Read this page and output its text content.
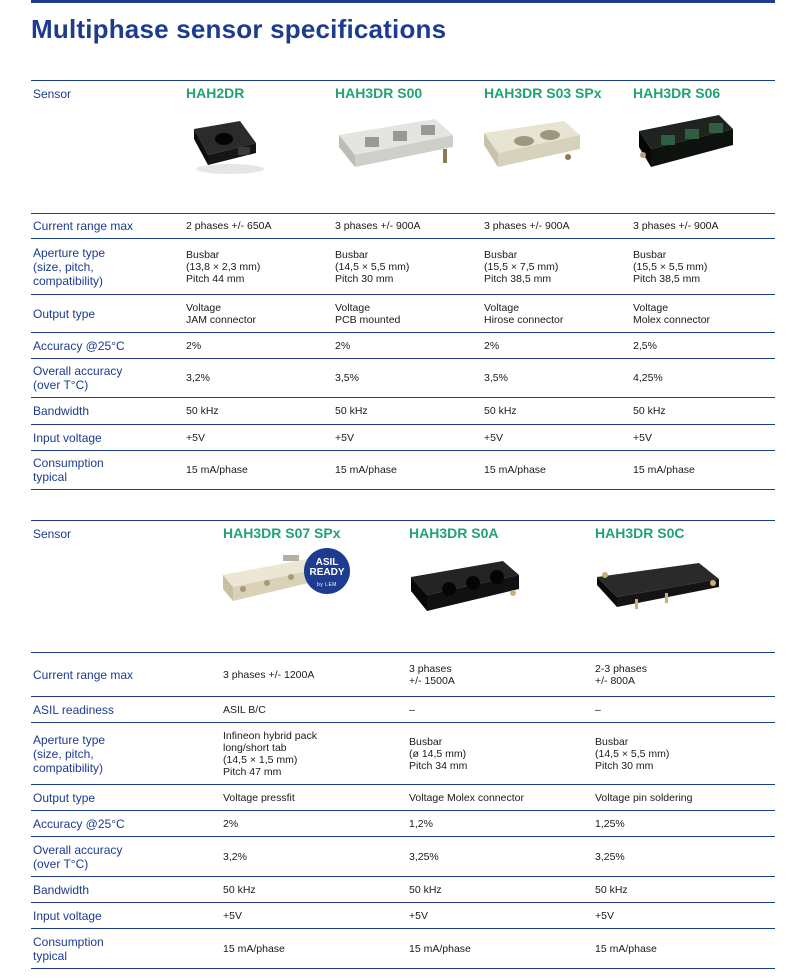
Multiphase sensor specifications
Sensor	HAH2DR	HAH3DR S00	HAH3DR S03 SPx	HAH3DR S06

Current range max	2 phases +/- 650A	3 phases +/- 900A	3 phases +/- 900A	3 phases +/- 900A

Aperture type
(size, pitch,
compatibility)	Busbar
(13,8 × 2,3 mm)
Pitch 44 mm	Busbar
(14,5 × 5,5 mm)
Pitch 30 mm	Busbar
(15,5 × 7,5 mm)
Pitch 38,5 mm	Busbar
(15,5 × 5,5 mm)
Pitch 38,5 mm

Output type	Voltage
JAM connector	Voltage
PCB mounted	Voltage
Hirose connector	Voltage
Molex connector

Accuracy @25°C	2%	2%	2%	2,5%

Overall accuracy
(over T°C)	3,2%	3,5%	3,5%	4,25%

Bandwidth	50 kHz	50 kHz	50 kHz	50 kHz

Input voltage	+5V	+5V	+5V	+5V

Consumption
typical	15 mA/phase	15 mA/phase	15 mA/phase	15 mA/phase
Sensor	HAH3DR S07 SPx	HAH3DR S0A	HAH3DR S0C

Current range max	3 phases +/- 1200A	3 phases
+/- 1500A	2-3 phases
+/- 800A

ASIL readiness	ASIL B/C	–	–

Aperture type
(size, pitch,
compatibility)	Infineon hybrid pack
long/short tab
(14,5 × 1,5 mm)
Pitch 47 mm	Busbar
(ø 14,5 mm)
Pitch 34 mm	Busbar
(14,5 × 5,5 mm)
Pitch 30 mm

Output type	Voltage pressfit	Voltage Molex connector	Voltage pin soldering

Accuracy @25°C	2%	1,2%	1,25%

Overall accuracy
(over T°C)	3,2%	3,25%	3,25%

Bandwidth	50 kHz	50 kHz	50 kHz

Input voltage	+5V	+5V	+5V

Consumption
typical	15 mA/phase	15 mA/phase	15 mA/phase
ASIL
READY
by LEM
